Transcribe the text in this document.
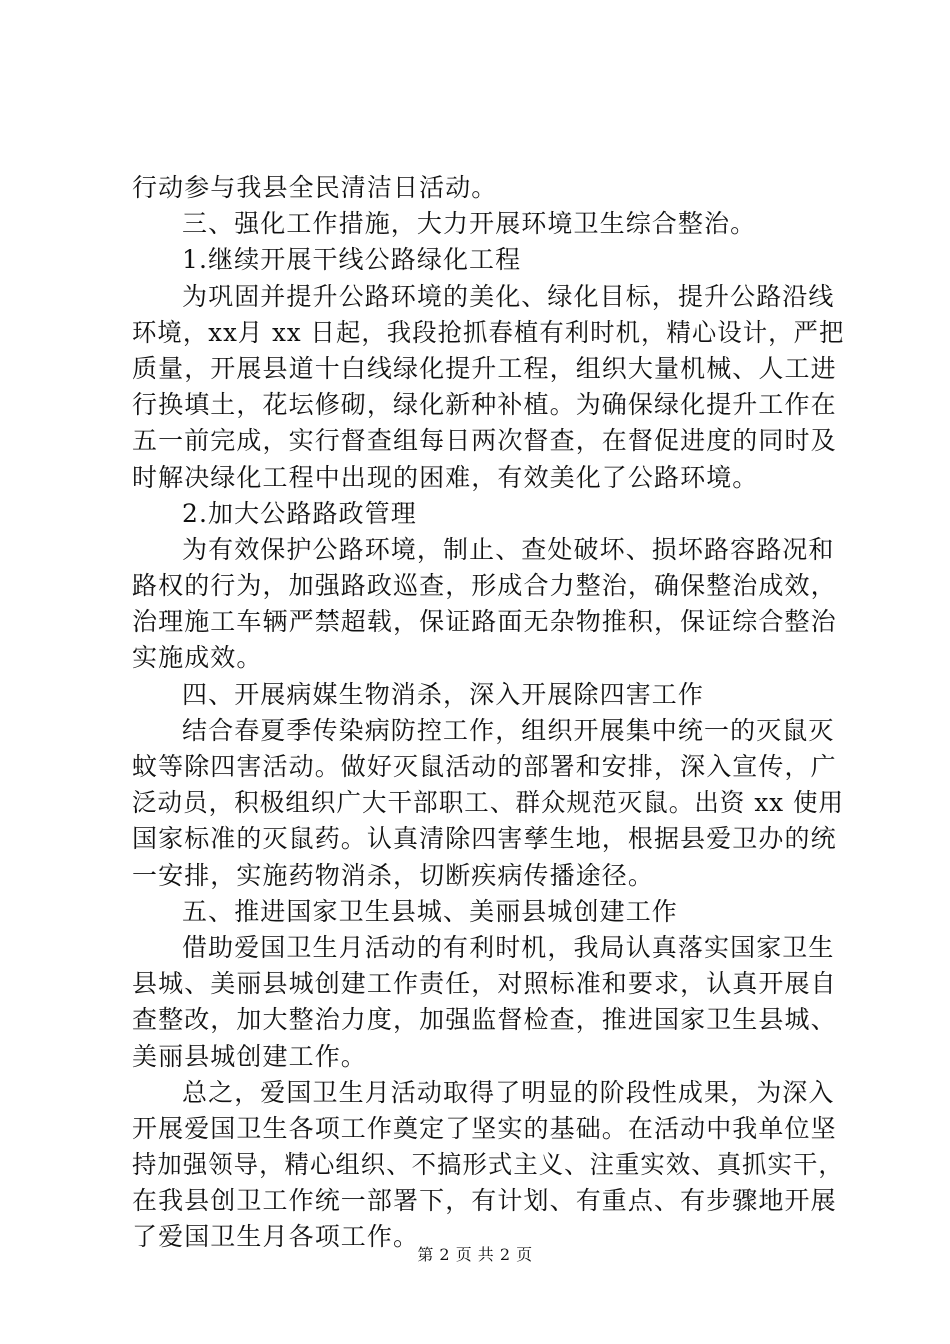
行动参与我县全民清洁日活动。
三、强化工作措施，大力开展环境卫生综合整治。
1.继续开展干线公路绿化工程
为巩固并提升公路环境的美化、绿化目标，提升公路沿线
环境，xx月 xx 日起，我段抢抓春植有利时机，精心设计，严把
质量，开展县道十白线绿化提升工程，组织大量机械、人工进
行换填土，花坛修砌，绿化新种补植。为确保绿化提升工作在
五一前完成，实行督查组每日两次督查，在督促进度的同时及
时解决绿化工程中出现的困难，有效美化了公路环境。
2.加大公路路政管理
为有效保护公路环境，制止、查处破坏、损坏路容路况和
路权的行为，加强路政巡查，形成合力整治，确保整治成效，
治理施工车辆严禁超载，保证路面无杂物推积，保证综合整治
实施成效。
四、开展病媒生物消杀，深入开展除四害工作
结合春夏季传染病防控工作，组织开展集中统一的灭鼠灭
蚊等除四害活动。做好灭鼠活动的部署和安排，深入宣传，广
泛动员，积极组织广大干部职工、群众规范灭鼠。出资 xx 使用
国家标准的灭鼠药。认真清除四害孳生地，根据县爱卫办的统
一安排，实施药物消杀，切断疾病传播途径。
五、推进国家卫生县城、美丽县城创建工作
借助爱国卫生月活动的有利时机，我局认真落实国家卫生
县城、美丽县城创建工作责任，对照标准和要求，认真开展自
查整改，加大整治力度，加强监督检查，推进国家卫生县城、
美丽县城创建工作。
总之，爱国卫生月活动取得了明显的阶段性成果，为深入
开展爱国卫生各项工作奠定了坚实的基础。在活动中我单位坚
持加强领导，精心组织、不搞形式主义、注重实效、真抓实干，
在我县创卫工作统一部署下，有计划、有重点、有步骤地开展
了爱国卫生月各项工作。
第 2 页 共 2 页
